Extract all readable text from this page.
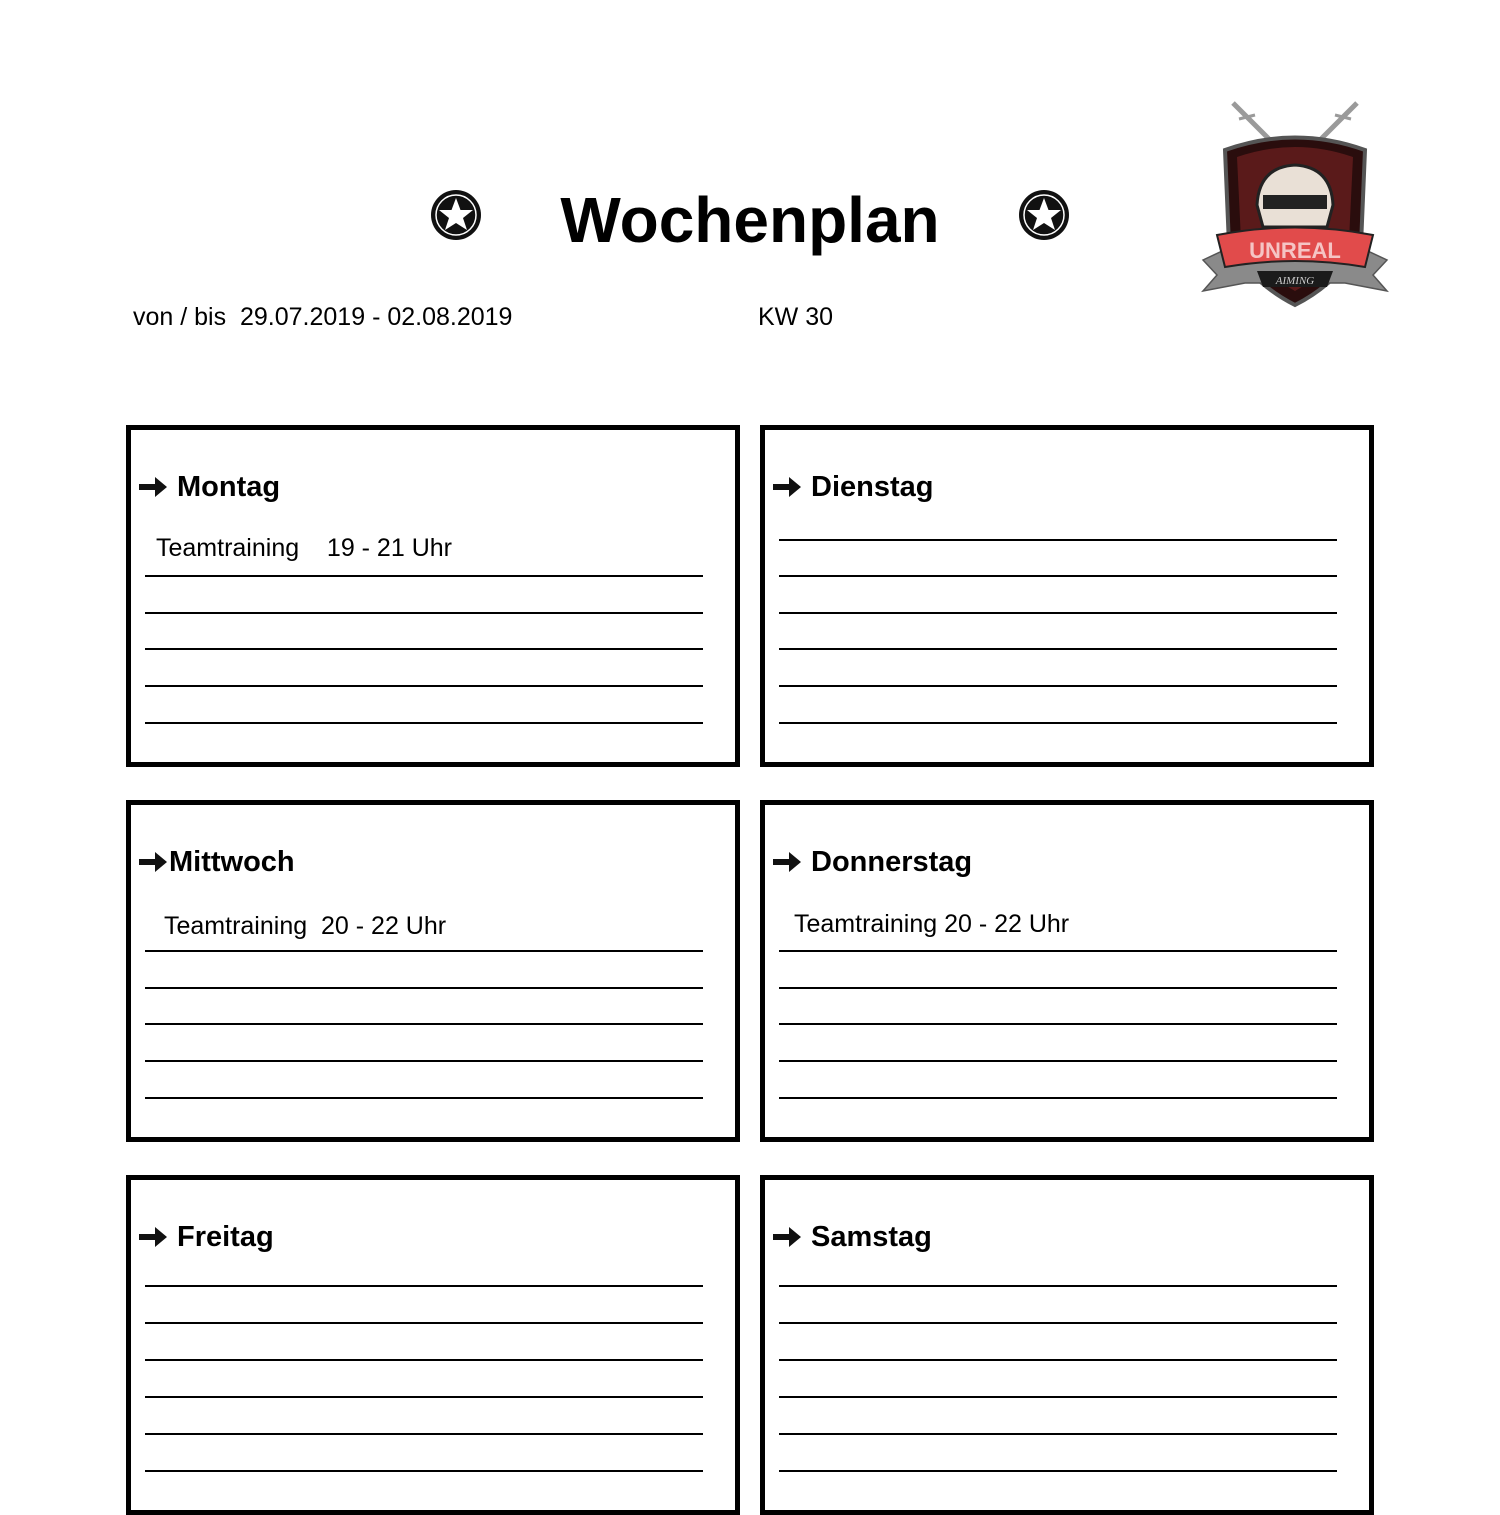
Wochenplan	UNREAL
AIMING
von / bis  29.07.2019 - 02.08.2019	KW 30
Montag
Teamtraining    19 - 21 Uhr
Dienstag
Mittwoch
Teamtraining  20 - 22 Uhr
Donnerstag
Teamtraining 20 - 22 Uhr
Freitag	Samstag
